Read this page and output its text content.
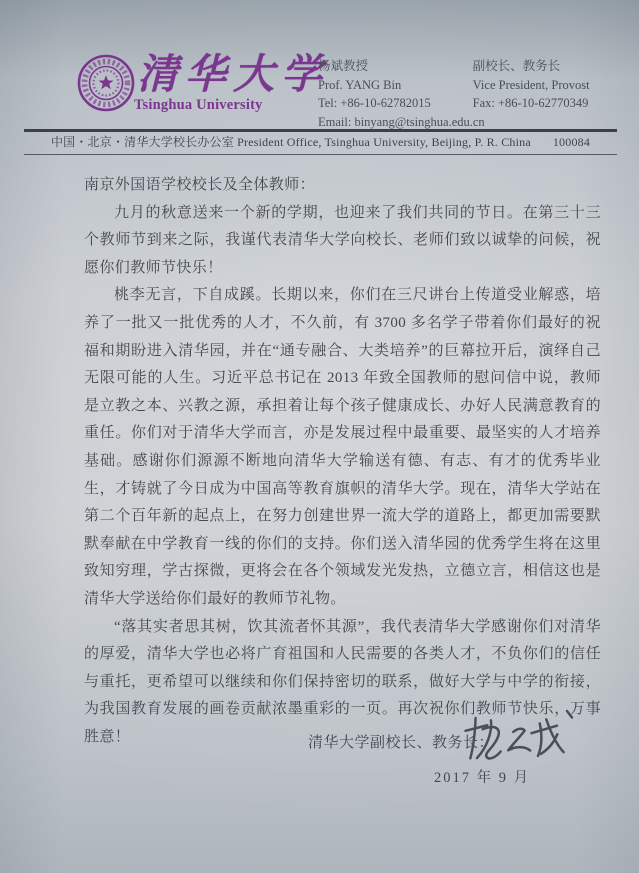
清华大学
Tsinghua University
杨斌教授	副校长、教务长
Prof. YANG Bin	Vice President, Provost
Tel: +86-10-62782015	Fax: +86-10-62770349
Email: binyang@tsinghua.edu.cn	
中国・北京・清华大学校长办公室 President Office, Tsinghua University, Beijing, P. R. China 100084

南京外国语学校校长及全体教师：

九月的秋意送来一个新的学期，也迎来了我们共同的节日。在第三十三个教师节到来之际，我谨代表清华大学向校长、老师们致以诚挚的问候，祝愿你们教师节快乐！

桃李无言，下自成蹊。长期以来，你们在三尺讲台上传道受业解惑，培养了一批又一批优秀的人才，不久前，有 3700 多名学子带着你们最好的祝福和期盼进入清华园，并在“通专融合、大类培养”的巨幕拉开后，演绎自己无限可能的人生。习近平总书记在 2013 年致全国教师的慰问信中说，教师是立教之本、兴教之源，承担着让每个孩子健康成长、办好人民满意教育的重任。你们对于清华大学而言，亦是发展过程中最重要、最坚实的人才培养基础。感谢你们源源不断地向清华大学输送有德、有志、有才的优秀毕业生，才铸就了今日成为中国高等教育旗帜的清华大学。现在，清华大学站在第二个百年新的起点上，在努力创建世界一流大学的道路上，都更加需要默默奉献在中学教育一线的你们的支持。你们送入清华园的优秀学生将在这里致知穷理，学古探微，更将会在各个领域发光发热，立德立言，相信这也是清华大学送给你们最好的教师节礼物。

“落其实者思其树，饮其流者怀其源”，我代表清华大学感谢你们对清华的厚爱，清华大学也必将广育祖国和人民需要的各类人才，不负你们的信任与重托，更希望可以继续和你们保持密切的联系，做好大学与中学的衔接，为我国教育发展的画卷贡献浓墨重彩的一页。再次祝你们教师节快乐，万事胜意！	清华大学副校长、教务长：
2017 年 9 月
